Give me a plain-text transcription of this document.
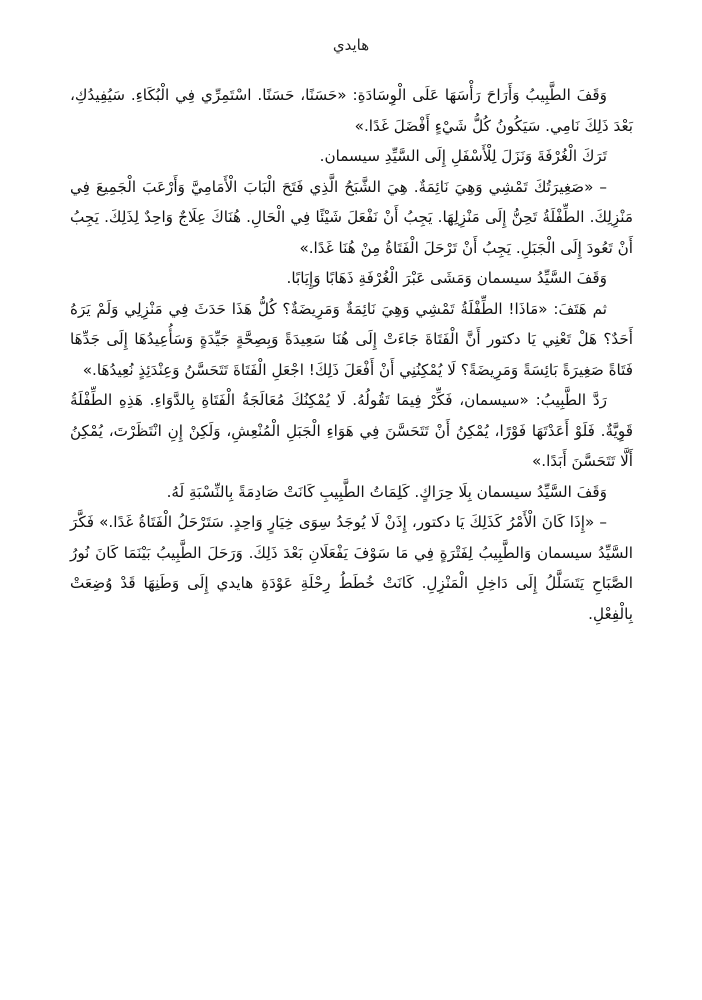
هايدي

وَقَفَ الطَّبِيبُ وَأَرَاحَ رَأْسَهَا عَلَى الْوِسَادَةِ: «حَسَنًا، حَسَنًا. اسْتَمِرِّي فِي الْبُكَاءِ. سَيُفِيدُكِ، بَعْدَ ذَلِكَ نَامِي. سَيَكُونُ كُلُّ شَيْءٍ أَفْضَلَ غَدًا.»

تَرَكَ الْغُرْفَةَ وَنَزَلَ لِلْأَسْفَلِ إِلَى السَّيِّدِ سيسمان.

– «صَغِيرَتُكَ تَمْشِي وَهِيَ نَائِمَةٌ. هِيَ الشَّبَحُ الَّذِي فَتَحَ الْبَابَ الْأَمَامِيَّ وَأَرْعَبَ الْجَمِيعَ فِي مَنْزِلِكَ. الطِّفْلَةُ تَحِنُّ إِلَى مَنْزِلِهَا. يَجِبُ أَنْ نَفْعَلَ شَيْئًا فِي الْحَالِ. هُنَاكَ عِلَاجٌ وَاحِدٌ لِذَلِكَ. يَجِبُ أَنْ تَعُودَ إِلَى الْجَبَلِ. يَجِبُ أَنْ تَرْحَلَ الْفَتَاةُ مِنْ هُنَا غَدًا.»

وَقَفَ السَّيِّدُ سيسمان وَمَشَى عَبْرَ الْغُرْفَةِ ذَهَابًا وَإِيَابًا.

ثم هَتَفَ: «مَاذَا! الطِّفْلَةُ تَمْشِي وَهِيَ نَائِمَةٌ وَمَرِيضَةٌ؟ كُلُّ هَذَا حَدَثَ فِي مَنْزِلِي وَلَمْ يَرَهُ أَحَدٌ؟ هَلْ تَعْنِي يَا دكتور أَنَّ الْفَتَاةَ جَاءَتْ إِلَى هُنَا سَعِيدَةً وَبِصِحَّةٍ جَيِّدَةٍ وَسَأُعِيدُهَا إِلَى جَدِّهَا فَتَاةً صَغِيرَةً بَائِسَةً وَمَرِيضَةً؟ لَا يُمْكِنُنِي أَنْ أَفْعَلَ ذَلِكَ! اجْعَلِ الْفَتَاةَ تَتَحَسَّنُ وَعِنْدَئِذٍ نُعِيدُهَا.»

رَدَّ الطَّبِيبُ: «سيسمان، فَكِّرْ فِيمَا تَقُولُهُ. لَا يُمْكِنُكَ مُعَالَجَةُ الْفَتَاةِ بِالدَّوَاءِ. هَذِهِ الطِّفْلَةُ قَوِيَّةٌ. فَلَوْ أَعَدْتَهَا فَوْرًا، يُمْكِنُ أَنْ تَتَحَسَّنَ فِي هَوَاءِ الْجَبَلِ الْمُنْعِشِ، وَلَكِنْ إِنِ انْتَظَرْتَ، يُمْكِنُ أَلَّا تَتَحَسَّنَ أَبَدًا.»

وَقَفَ السَّيِّدُ سيسمان بِلَا حِرَاكٍ. كَلِمَاتُ الطَّبِيبِ كَانَتْ صَادِمَةً بِالنِّسْبَةِ لَهُ.

– «إِذَا كَانَ الْأَمْرُ كَذَلِكَ يَا دكتور، إِذَنْ لَا يُوجَدُ سِوَى خِيَارٍ وَاحِدٍ. سَتَرْحَلُ الْفَتَاةُ غَدًا.» فَكَّرَ السَّيِّدُ سيسمان وَالطَّبِيبُ لِفَتْرَةٍ فِي مَا سَوْفَ يَفْعَلَانِ بَعْدَ ذَلِكَ. وَرَحَلَ الطَّبِيبُ بَيْنَمَا كَانَ نُورُ الصَّبَاحِ يَتَسَلَّلُ إِلَى دَاخِلِ الْمَنْزِلِ. كَانَتْ خُطَطُ رِحْلَةِ عَوْدَةِ هايدي إِلَى وَطَنِهَا قَدْ وُضِعَتْ بِالْفِعْلِ.
